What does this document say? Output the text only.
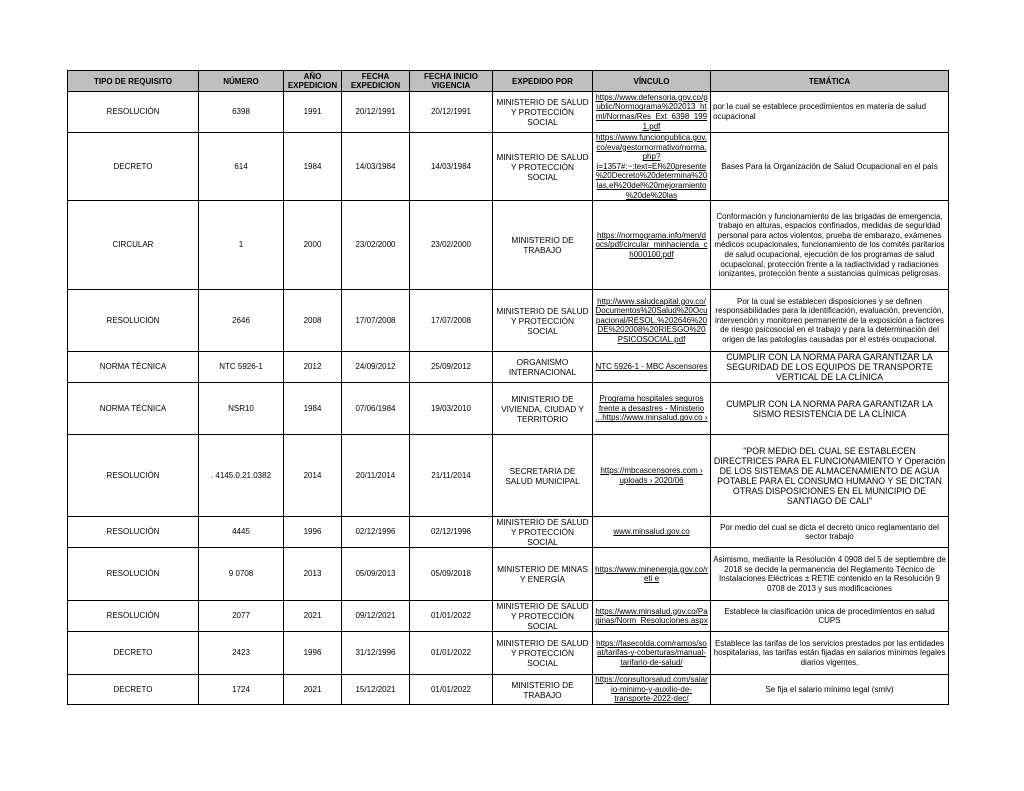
TIPO DE REQUISITO	NÚMERO	AÑO EXPEDICION	FECHA EXPEDICION	FECHA INICIO VIGENCIA	EXPEDIDO POR	VÍNCULO	TEMÁTICA
RESOLUCIÓN	6398	1991	20/12/1991	20/12/1991	MINISTERIO DE SALUD Y PROTECCIÓN SOCIAL	https://www.defensoria.gov.co/public/Normograma%202013_html/Normas/Res_Ext_6398_1991.pdf	por la cual se establece procedimientos en materia de salud ocupacional
DECRETO	614	1984	14/03/1984	14/03/1984	MINISTERIO DE SALUD Y PROTECCIÓN SOCIAL	https://www.funcionpublica.gov.co/eva/gestornormativo/norma.php?i=1357#:~:text=El%20presente%20Decreto%20determina%20las,el%20del%20mejoramiento%20de%20las	Bases Para la Organización de Salud Ocupacional en el país
CIRCULAR	1	2000	23/02/2000	23/02/2000	MINISTERIO DE TRABAJO	https://normograma.info/men/docs/pdf/circular_minhacienda_ch000100.pdf	Conformación y funcionamiento de las brigadas de emergencia, trabajo en alturas, espacios confinados, medidas de seguridad personal para actos violentos, prueba de embarazo, exámenes médicos ocupacionales, funcionamiento de los comités paritarios de salud ocupacional, ejecución de los programas de salud ocupacional, protección frente a la radiactividad y radiaciones ionizantes, protección frente a sustancias químicas peligrosas.
RESOLUCIÓN	2646	2008	17/07/2008	17/07/2008	MINISTERIO DE SALUD Y PROTECCIÓN SOCIAL	http://www.saludcapital.gov.co/Documentos%20Salud%20Ocupacional/RESOL.%202646%20DE%202008%20RIESGO%20PSICOSOCIAL.pdf	Por la cual se establecen disposiciones y se definen responsabilidades para la identificación, evaluación, prevención, intervención y monitoreo permanente de la exposición a factores de riesgo psicosocial en el trabajo y para la determinación del origen de las patologías causadas por el estrés ocupacional.
NORMA TÉCNICA	NTC 5926-1	2012	24/09/2012	25/09/2012	ORGANISMO INTERNACIONAL	NTC 5926-1 - MBC Ascensores	CUMPLIR CON LA NORMA PARA GARANTIZAR LA SEGURIDAD DE LOS EQUIPOS DE TRANSPORTE VERTICAL DE LA CLÍNICA
NORMA TÉCNICA	NSR10	1984	07/06/1984	19/03/2010	MINISTERIO DE VIVIENDA, CIUDAD Y TERRITORIO	Programa hospitales seguros frente a desastres - Ministerio ...https://www.minsalud.gov.co ›	CUMPLIR CON LA NORMA PARA GARANTIZAR LA SISMO RESISTENCIA DE LA CLÍNICA
RESOLUCIÓN	. 4145.0.21.0382	2014	20/11/2014	21/11/2014	SECRETARIA DE SALUD MUNICIPAL	https://mbcascensores.com › uploads › 2020/06	"POR MEDIO DEL CUAL SE ESTABLECEN DIRECTRICES PARA EL FUNCIONAMIENTO Y Operación DE LOS SISTEMAS DE ALMACENAMIENTO DE AGUA POTABLE PARA EL CONSUMO HUMANO Y SE DICTAN OTRAS DISPOSICIONES EN EL MUNICIPIO DE SANTIAGO DE CALI"
RESOLUCIÓN	4445	1996	02/12/1996	02/12/1996	MINISTERIO DE SALUD Y PROTECCIÓN SOCIAL	www.minsalud.gov.co	Por medio del cual se dicta el decreto único reglamentario del sector trabajo
RESOLUCIÓN	9 0708	2013	05/09/2013	05/09/2018	MINISTERIO DE MINAS Y ENERGÍA	https://www.minenergia.gov.co/reti e	Asimismo, mediante la Resolución 4 0908 del 5 de septiembre de 2018 se decide la permanencia del Reglamento Técnico de Instalaciones Eléctricas ± RETIE contenido en la Resolución 9 0708 de 2013 y sus modificaciones
RESOLUCIÓN	2077	2021	09/12/2021	01/01/2022	MINISTERIO DE SALUD Y PROTECCIÓN SOCIAL	https://www.minsalud.gov.co/Paginas/Norm_Resoluciones.aspx	Establece la clasificación unica de procedimientos en salud CUPS
DECRETO	2423	1996	31/12/1996	01/01/2022	MINISTERIO DE SALUD Y PROTECCIÓN SOCIAL	https://fasecolda.com/ramos/soat/tarifas-y-coberturas/manual-tarifario-de-salud/	Establece las tarifas de los servicios prestados por las entidades hospitalarias, las tarifas están fijadas en salarios mínimos legales diarios vigentes.
DECRETO	1724	2021	15/12/2021	01/01/2022	MINISTERIO DE TRABAJO	https://consultorsalud.com/salario-minimo-y-auxilio-de-transporte-2022-dec/	Se fija el salario mínimo legal (smlv)
